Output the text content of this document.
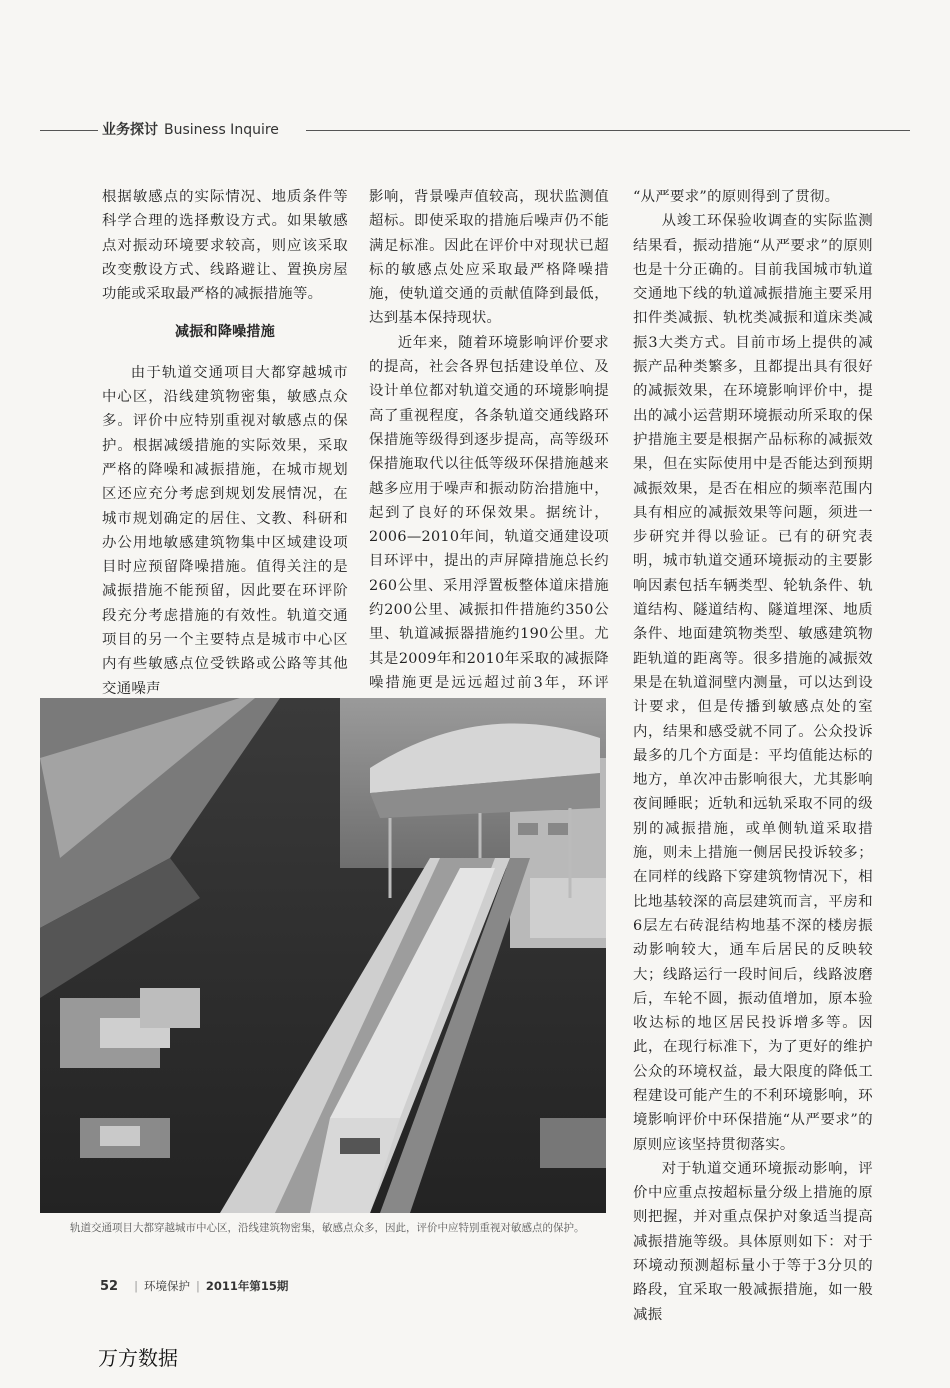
业务探讨 Business Inquire

根据敏感点的实际情况、地质条件等科学合理的选择敷设方式。如果敏感点对振动环境要求较高，则应该采取改变敷设方式、线路避让、置换房屋功能或采取最严格的减振措施等。

减振和降噪措施

由于轨道交通项目大都穿越城市中心区，沿线建筑物密集，敏感点众多。评价中应特别重视对敏感点的保护。根据减缓措施的实际效果，采取严格的降噪和减振措施，在城市规划区还应充分考虑到规划发展情况，在城市规划确定的居住、文教、科研和办公用地敏感建筑物集中区域建设项目时应预留降噪措施。值得关注的是减振措施不能预留，因此要在环评阶段充分考虑措施的有效性。轨道交通项目的另一个主要特点是城市中心区内有些敏感点位受铁路或公路等其他交通噪声

影响，背景噪声值较高，现状监测值超标。即使采取的措施后噪声仍不能满足标准。因此在评价中对现状已超标的敏感点处应采取最严格降噪措施，使轨道交通的贡献值降到最低，达到基本保持现状。

近年来，随着环境影响评价要求的提高，社会各界包括建设单位、及设计单位都对轨道交通的环境影响提高了重视程度，各条轨道交通线路环保措施等级得到逐步提高，高等级环保措施取代以往低等级环保措施越来越多应用于噪声和振动防治措施中，起到了良好的环保效果。据统计，2006—2010年间，轨道交通建设项目环评中，提出的声屏障措施总长约260公里、采用浮置板整体道床措施约200公里、减振扣件措施约350公里、轨道减振器措施约190公里。尤其是2009年和2010年采取的减振降噪措施更是远远超过前3年，环评

“从严要求”的原则得到了贯彻。

从竣工环保验收调查的实际监测结果看，振动措施“从严要求”的原则也是十分正确的。目前我国城市轨道交通地下线的轨道减振措施主要采用扣件类减振、轨枕类减振和道床类减振3大类方式。目前市场上提供的减振产品种类繁多，且都提出具有很好的减振效果，在环境影响评价中，提出的减小运营期环境振动所采取的保护措施主要是根据产品标称的减振效果，但在实际使用中是否能达到预期减振效果，是否在相应的频率范围内具有相应的减振效果等问题，须进一步研究并得以验证。已有的研究表明，城市轨道交通环境振动的主要影响因素包括车辆类型、轮轨条件、轨道结构、隧道结构、隧道埋深、地质条件、地面建筑物类型、敏感建筑物距轨道的距离等。很多措施的减振效果是在轨道洞壁内测量，可以达到设计要求，但是传播到敏感点处的室内，结果和感受就不同了。公众投诉最多的几个方面是：平均值能达标的地方，单次冲击影响很大，尤其影响夜间睡眠；近轨和远轨采取不同的级别的减振措施，或单侧轨道采取措施，则未上措施一侧居民投诉较多；在同样的线路下穿建筑物情况下，相比地基较深的高层建筑而言，平房和6层左右砖混结构地基不深的楼房振动影响较大，通车后居民的反映较大；线路运行一段时间后，线路波磨后，车轮不圆，振动值增加，原本验收达标的地区居民投诉增多等。因此，在现行标准下，为了更好的维护公众的环境权益，最大限度的降低工程建设可能产生的不利环境影响，环境影响评价中环保措施“从严要求”的原则应该坚持贯彻落实。

对于轨道交通环境振动影响，评价中应重点按超标量分级上措施的原则把握，并对重点保护对象适当提高减振措施等级。具体原则如下：对于环境动预测超标量小于等于3分贝的路段，宜采取一般减振措施，如一般减振

轨道交通项目大都穿越城市中心区，沿线建筑物密集，敏感点众多，因此，评价中应特别重视对敏感点的保护。
52 | 环境保护 | 2011年第15期
万方数据
